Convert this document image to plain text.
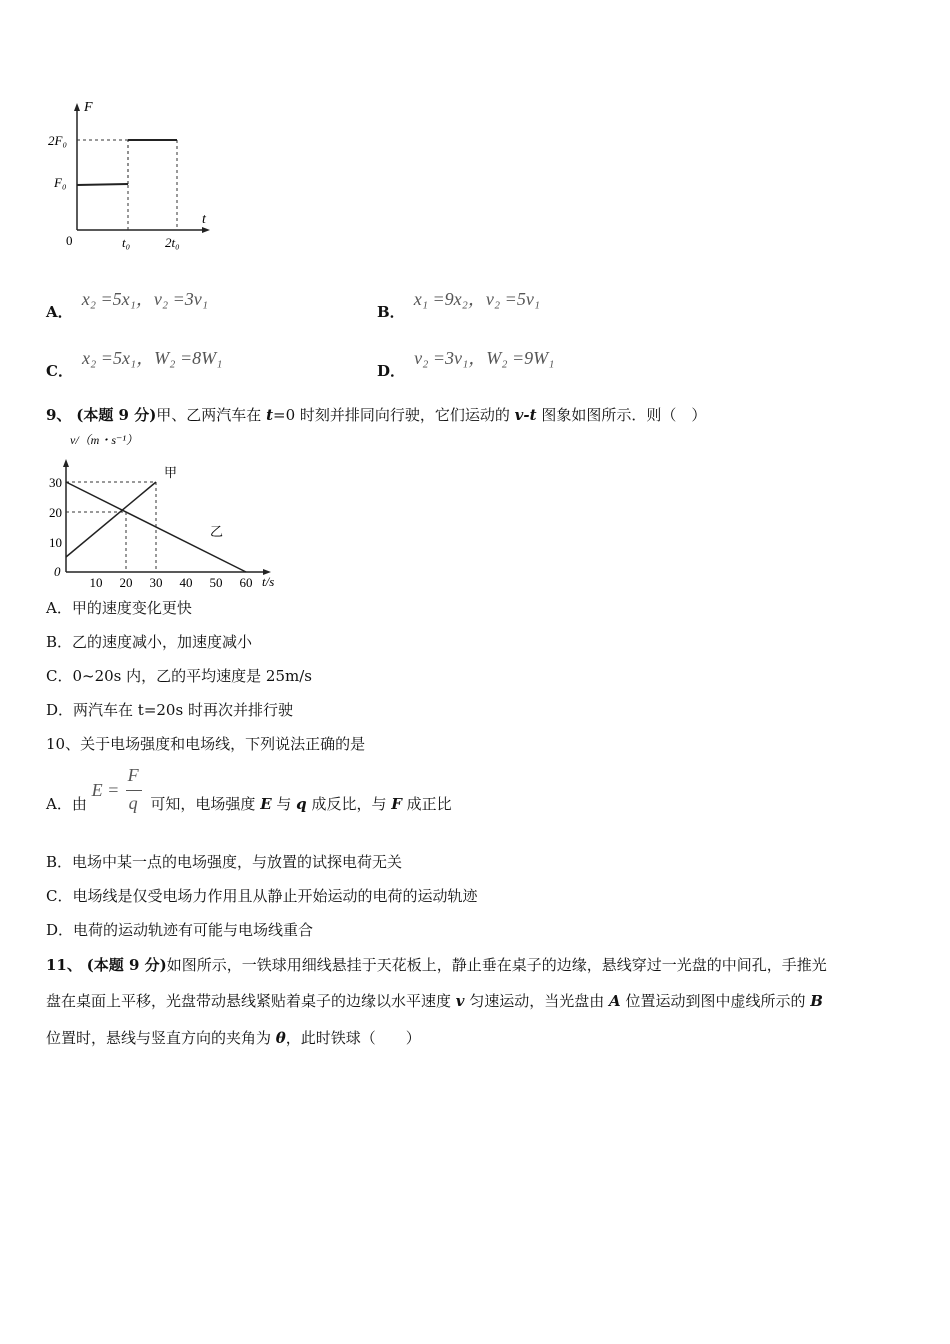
F
t
0
2F₀
F₀
t₀	2t₀
A． x₂ =5x₁，v₂ =3v₁
B． x₁ =9x₂，v₂ =5v₁
C． x₂ =5x₁，W₂ =8W₁
D． v₂ =3v₁，W₂ =9W₁
9、 (本题 9 分)甲、乙两汽车在 t=0 时刻并排同向行驶，它们运动的 v-t 图象如图所示．则（　）
v/（m・s⁻¹）
t/s
0
10 20 30 40 50 60
10
20
30
甲
乙
A．甲的速度变化更快
B．乙的速度减小，加速度减小
C．0~20s 内，乙的平均速度是 25m/s
D．两汽车在 t=20s 时再次并排行驶
10、关于电场强度和电场线，下列说法正确的是
A．由
E =
F
q 可知，电场强度 E 与 q 成反比，与 F 成正比
B．电场中某一点的电场强度，与放置的试探电荷无关
C．电场线是仅受电场力作用且从静止开始运动的电荷的运动轨迹
D．电荷的运动轨迹有可能与电场线重合
11、 (本题 9 分)如图所示，一铁球用细线悬挂于天花板上，静止垂在桌子的边缘，悬线穿过一光盘的中间孔，手推光
盘在桌面上平移，光盘带动悬线紧贴着桌子的边缘以水平速度 v 匀速运动，当光盘由 A 位置运动到图中虚线所示的 B
位置时，悬线与竖直方向的夹角为 θ，此时铁球（　　）
